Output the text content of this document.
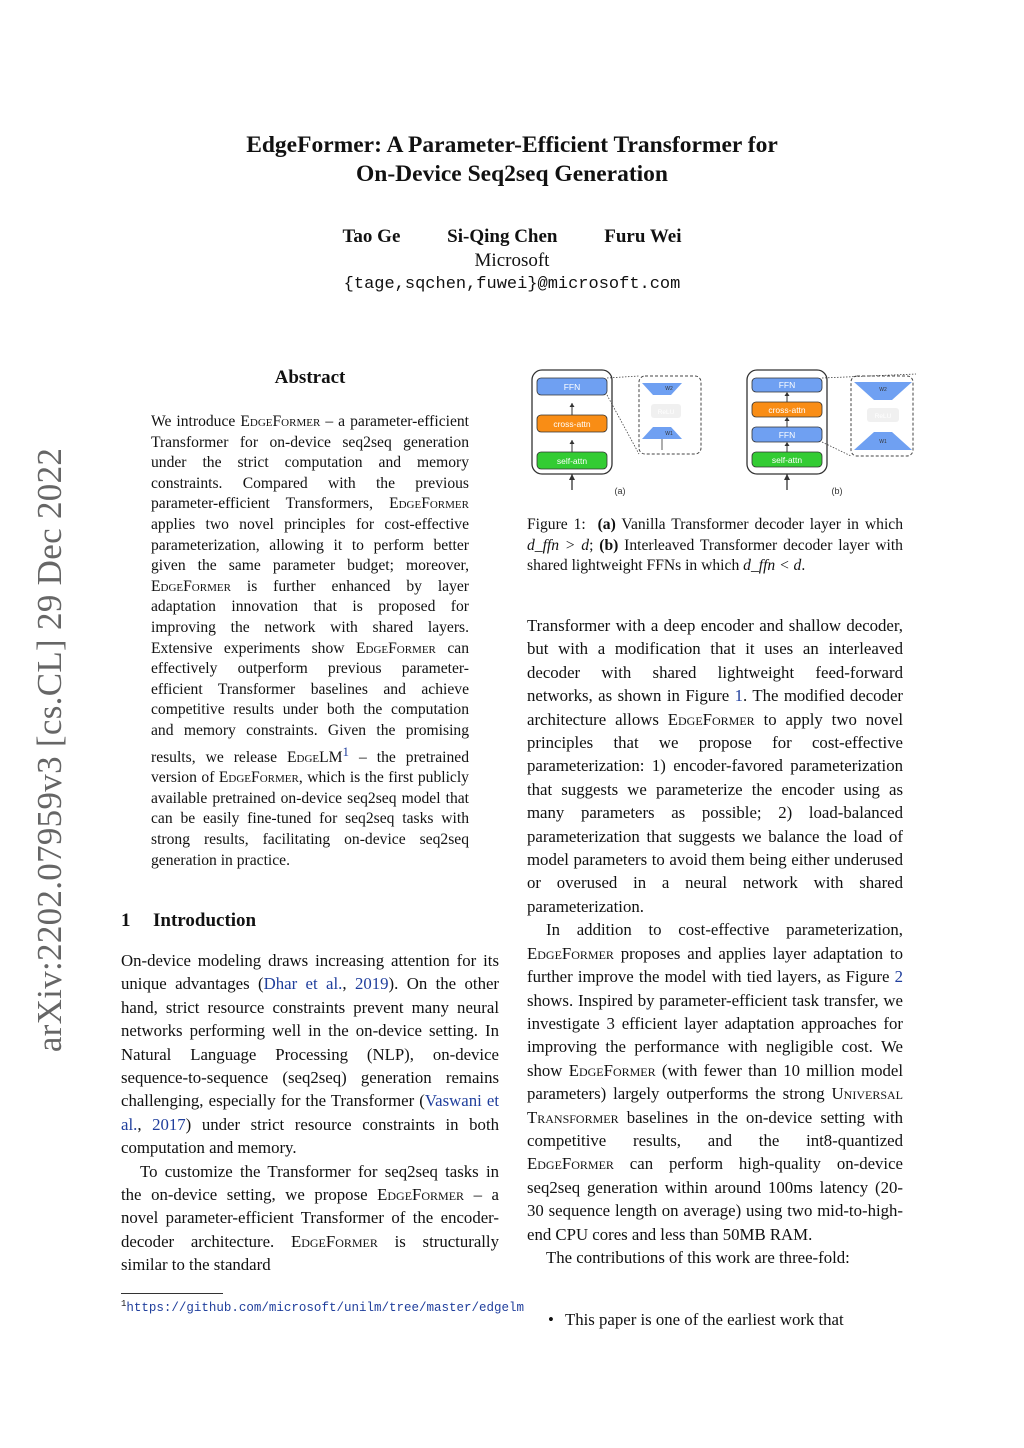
arXiv:2202.07959v3 [cs.CL] 29 Dec 2022
EdgeFormer: A Parameter-Efficient Transformer for
On-Device Seq2seq Generation
Tao Ge Si-Qing Chen Furu Wei
Microsoft
{tage,sqchen,fuwei}@microsoft.com
Abstract
We introduce EdgeFormer – a parameter-efficient Transformer for on-device seq2seq generation under the strict computation and memory constraints. Compared with the previous parameter-efficient Transformers, EdgeFormer applies two novel principles for cost-effective parameterization, allowing it to perform better given the same parameter budget; moreover, EdgeFormer is further enhanced by layer adaptation innovation that is proposed for improving the network with shared layers. Extensive experiments show EdgeFormer can effectively outperform previous parameter-efficient Transformer baselines and achieve competitive results under both the computation and memory constraints. Given the promising results, we release EdgeLM$^1$ – the pretrained version of EdgeFormer, which is the first publicly available pretrained on-device seq2seq model that can be easily fine-tuned for seq2seq tasks with strong results, facilitating on-device seq2seq generation in practice.
1 Introduction

On-device modeling draws increasing attention for its unique advantages (Dhar et al., 2019). On the other hand, strict resource constraints prevent many neural networks performing well in the on-device setting. In Natural Language Processing (NLP), on-device sequence-to-sequence (seq2seq) generation remains challenging, especially for the Transformer (Vaswani et al., 2017) under strict resource constraints in both computation and memory.

To customize the Transformer for seq2seq tasks in the on-device setting, we propose EdgeFormer – a novel parameter-efficient Transformer of the encoder-decoder architecture. EdgeFormer is structurally similar to the standard

$^1$https://github.com/microsoft/unilm/tree/master/edgelm
self-attn
cross-attn
FFN	W2
ReLU
W1
(a)
self-attn
FFN
cross-attn
FFN	W2
ReLU
W1
(b)
Figure 1: (a) Vanilla Transformer decoder layer in which d_ffn > d; (b) Interleaved Transformer decoder layer with shared lightweight FFNs in which d_ffn < d.

Transformer with a deep encoder and shallow decoder, but with a modification that it uses an interleaved decoder with shared lightweight feed-forward networks, as shown in Figure 1. The modified decoder architecture allows EdgeFormer to apply two novel principles that we propose for cost-effective parameterization: 1) encoder-favored parameterization that suggests we parameterize the encoder using as many parameters as possible; 2) load-balanced parameterization that suggests we balance the load of model parameters to avoid them being either underused or overused in a neural network with shared parameterization.

In addition to cost-effective parameterization, EdgeFormer proposes and applies layer adaptation to further improve the model with tied layers, as Figure 2 shows. Inspired by parameter-efficient task transfer, we investigate 3 efficient layer adaptation approaches for improving the performance with negligible cost. We show EdgeFormer (with fewer than 10 million model parameters) largely outperforms the strong Universal Transformer baselines in the on-device setting with competitive results, and the int8-quantized EdgeFormer can perform high-quality on-device seq2seq generation within around 100ms latency (20-30 sequence length on average) using two mid-to-high-end CPU cores and less than 50MB RAM.

The contributions of this work are three-fold:

• This paper is one of the earliest work that
